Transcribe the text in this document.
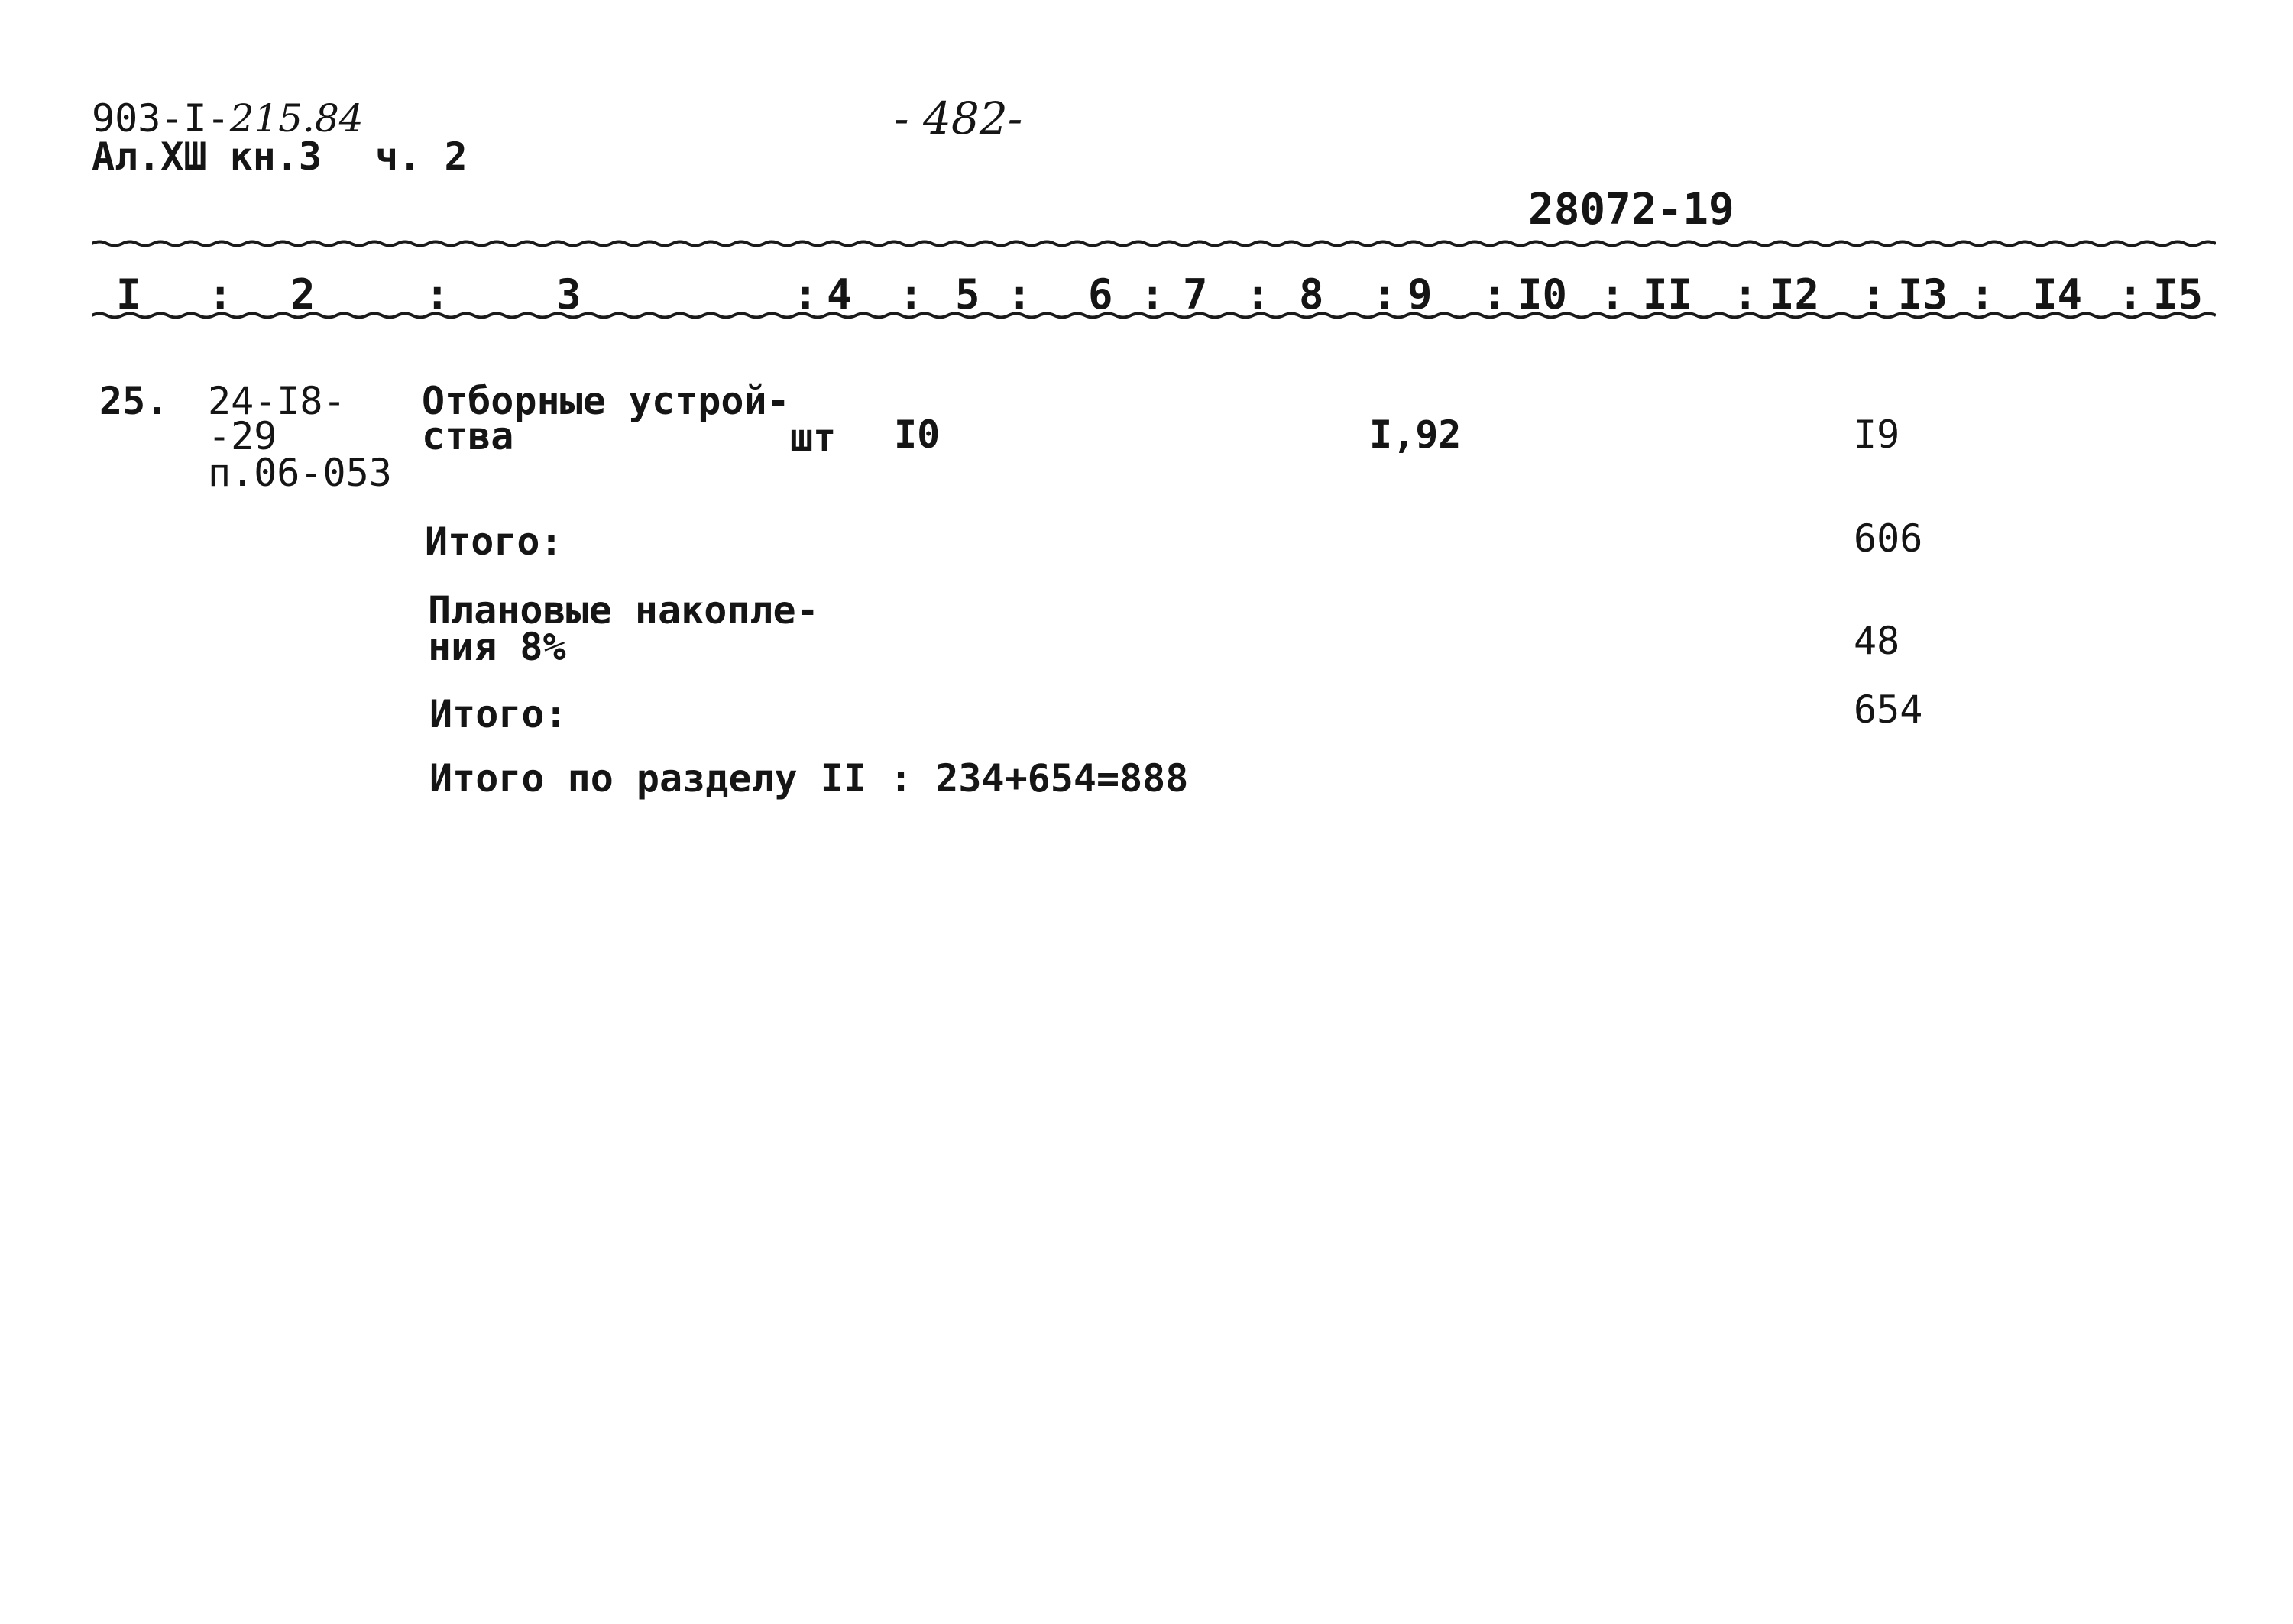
903-I-215.84
Ал.XШ кн.3 ч. 2
- 482-
28072-19
I : 2	:	3	: 4 : 5 : 6 : 7 : 8 : 9 : I0 : II : I2 : I3 : I4 : I5
25. 24-I8-
-29
п.06-053
Отборные устрой-
ства	шт I0	I,92	I9
Итого:	606
Плановые накопле-
ния 8%	48
Итого:	654
Итого по разделу II : 234+654=888
